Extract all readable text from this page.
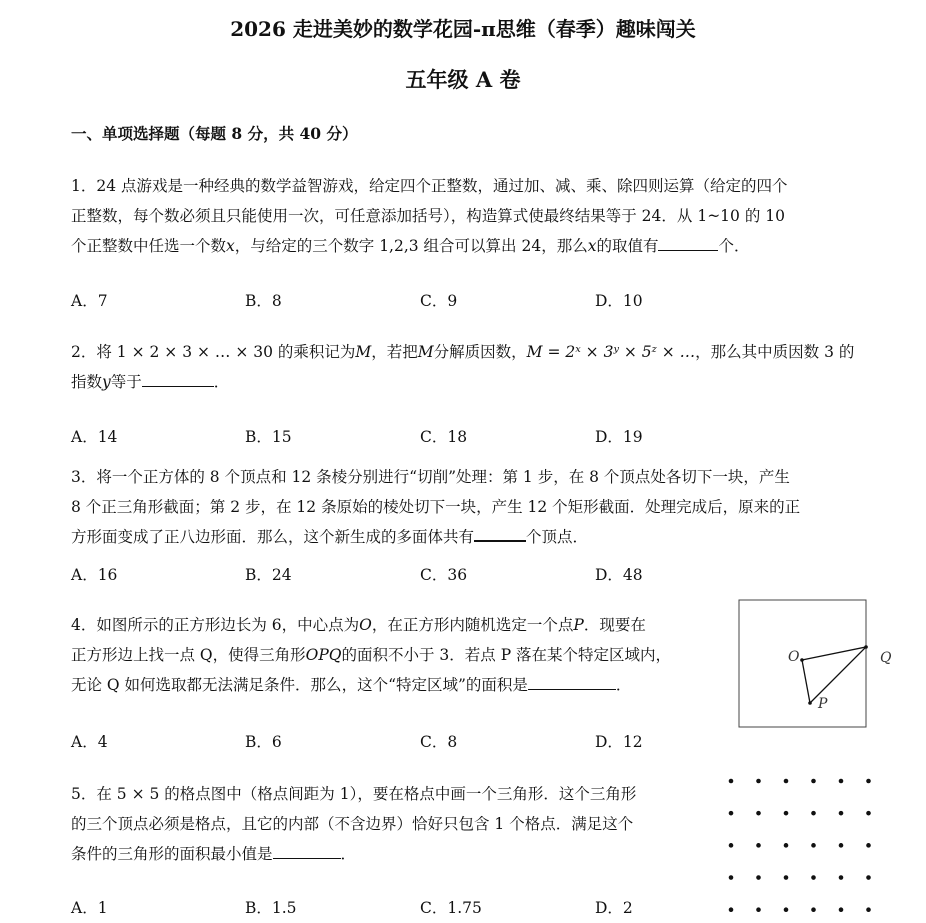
2026 走进美妙的数学花园-π思维（春季）趣味闯关
五年级 A 卷
一、单项选择题（每题 8 分，共 40 分）
1．24 点游戏是一种经典的数学益智游戏，给定四个正整数，通过加、减、乘、除四则运算（给定的四个
正整数，每个数必须且只能使用一次，可任意添加括号），构造算式使最终结果等于 24．从 1~10 的 10
个正整数中任选一个数x，与给定的三个数字 1,2,3 组合可以算出 24，那么x的取值有	个．
A．7	B．8	C．9	D．10
2．将 1 × 2 × 3 × … × 30 的乘积记为M，若把M分解质因数，M = 2ˣ × 3ʸ × 5ᶻ × …，那么其中质因数 3 的
指数y等于	．
A．14	B．15	C．18	D．19
3．将一个正方体的 8 个顶点和 12 条棱分别进行“切削”处理：第 1 步，在 8 个顶点处各切下一块，产生
8 个正三角形截面；第 2 步，在 12 条原始的棱处切下一块，产生 12 个矩形截面．处理完成后，原来的正
方形面变成了正八边形面．那么，这个新生成的多面体共有	个顶点．
A．16	B．24	C．36	D．48
4．如图所示的正方形边长为 6，中心点为O，在正方形内随机选定一个点P．现要在
正方形边上找一点 Q，使得三角形OPQ的面积不小于 3．若点 P 落在某个特定区域内，
无论 Q 如何选取都无法满足条件．那么，这个“特定区域”的面积是	．
O	Q
P
A．4	B．6	C．8	D．12
5．在 5 × 5 的格点图中（格点间距为 1），要在格点中画一个三角形．这个三角形
的三个顶点必须是格点，且它的内部（不含边界）恰好只包含 1 个格点．满足这个
条件的三角形的面积最小值是	．
A．1	B．1.5	C．1.75	D．2
